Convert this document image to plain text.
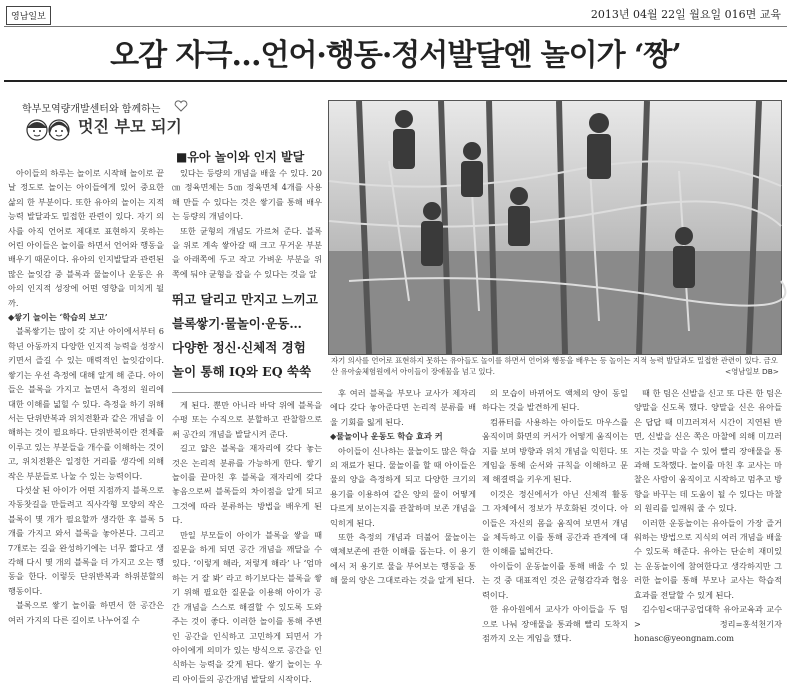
영남일보	2013년 04월 22일 월요일 016면 교육
오감 자극…언어·행동·정서발달엔 놀이가 ‘짱’
학부모역량개발센터와 함께하는
멋진 부모 되기
■유아 놀이와 인지 발달

아이들의 하루는 놀이로 시작해 놀이로 끝날 정도로 놀이는 아이들에게 있어 중요한 삶의 한 부분이다. 또한 유아의 놀이는 지적 능력 발달과도 밀접한 관련이 있다. 자기 의사를 아직 언어로 제대로 표현하지 못하는 어린 아이들은 놀이를 하면서 언어와 행동을 배우기 때문이다. 유아의 인지발달과 관련된 많은 놀잇감 중 블록과 물놀이나 운동은 유아의 인지적 성장에 어떤 영향을 미치게 될까.

◆쌓기 놀이는 ‘학습의 보고’

블록쌓기는 많이 갖 지난 아이에서부터 6학년 아동까지 다양한 인지적 능력을 성장시키면서 즐길 수 있는 매력적인 놀잇감이다. 쌓기는 우선 측정에 대해 알게 해 준다. 아이들은 블록을 가지고 놀면서 측정의 원리에 대한 이해를 넓힐 수 있다. 측정을 하기 위해서는 단위반복과 위치전환과 같은 개념을 이해하는 것이 필요하다. 단위반복이란 전체를 이루고 있는 부분들을 개수를 이해하는 것이고, 위치전환은 일정한 거리를 생각에 의해 작은 부분들로 나눌 수 있는 능력이다.

다섯살 된 아이가 어떤 지점까지 블록으로 자동찻길을 만들려고 직사각형 모양의 작은 블록이 몇 개가 필요할까 생각한 후 블록 5개를 가지고 와서 블록을 놓아본다. 그리고 7개로는 길을 완성하기에는 너무 짧다고 생각해 다시 몇 개의 블록을 더 가지고 오는 행동을 한다. 이렇듯 단위반복과 하위분할의 행동이다.

블록으로 쌓기 놀이를 하면서 한 공간은 여러 가지의 다른 길이로 나누어질 수

있다는 등량의 개념을 배울 수 있다. 20㎝ 정육면체는 5㎝ 정육면체 4개를 사용해 만들 수 있다는 것은 쌓기를 통해 배우는 등량의 개념이다.

또한 균형의 개념도 가르쳐 준다. 블록을 위로 계속 쌓아갈 때 크고 무거운 부분을 아래쪽에 두고 작고 가벼운 부분을 위쪽에 둬야 균형을 잡을 수 있다는 것을 알

뛰고 달리고 만지고 느끼고
블록쌓기·물놀이·운동…
다양한 정신·신체적 경험
놀이 통해 IQ와 EQ 쑥쑥

게 된다. 뿐만 아니라 바닥 위에 블록을 수평 또는 수직으로 분할하고 관찰함으로써 공간의 개념을 발달시켜 준다.

길고 얇은 블록을 재자리에 갖다 놓는 것은 논리적 분류를 가능하게 한다. 쌓기 놀이를 끝마친 후 블록을 재자리에 갖다 놓음으로써 블록들의 차이점을 알게 되고 그것에 따라 분류하는 방법을 배우게 된다.

만일 부모들이 아이가 블록을 쌓을 때 질문을 하게 되면 공간 개념을 깨달을 수 있다. ‘이렇게 해라, 저렇게 해라’ 나 ‘엄마 하는 거 잘 봐’ 라고 하기보다는 블록을 쌓기 위해 필요한 질문을 이용해 아이가 공간 개념을 스스로 해결할 수 있도록 도와 주는 것이 좋다. 이러한 놀이를 통해 주변 인 공간을 인식하고 고민하게 되면서 가 아이에게 의미가 있는 방식으로 공간을 인식하는 능력을 갖게 된다. 쌓기 놀이는 우리 아이들의 공간개념 발달의 시작이다.

자기 의사를 언어로 표현하지 못하는 유아들도 놀이를 하면서 언어와 행동을 배우는 등 놀이는 지적 능력 발달과도 밀접한 관련이 있다. 금오산 유아숲체험원에서 아이들이 장애물을 넘고 있다.	<영남일보 DB>

후 여러 블록을 부모나 교사가 제자리에다 갖다 놓아준다면 논리적 분류를 배울 기회를 잃게 된다.

◆물놀이나 운동도 학습 효과 커

아이들이 신나하는 물놀이도 많은 학습의 재료가 된다. 물놀이를 할 때 아이들은 물의 양을 측정하게 되고 다양한 크기의 용기를 이용하여 같은 양의 물이 어떻게 다르게 보이는지를 관찰하며 보존 개념을 익히게 된다.

또한 측정의 개념과 더불어 물놀이는 액체보존에 관한 이해를 돕는다. 이 용기에서 저 용기로 물을 부어보는 행동을 통해 물의 양은 그대로라는 것을 알게 된다.

의 모습이 바뀌어도 액체의 양이 동일하다는 것을 발견하게 된다.

컴퓨터를 사용하는 아이들도 마우스를 움직이며 화면의 커서가 어떻게 움직이는지를 보며 방향과 위치 개념을 익힌다. 또 게임을 통해 순서와 규칙을 이해하고 문제 해결력을 키우게 된다.

이것은 정신에서가 아닌 신체적 활동 그 자체에서 정보가 부호화된 것이다. 아이들은 자신의 몸을 움직여 보면서 개념을 체득하고 이를 통해 공간과 관계에 대한 이해를 넓혀간다.

아이들이 운동놀이를 통해 배울 수 있는 것 중 대표적인 것은 균형감각과 협응력이다.

한 유아원에서 교사가 아이들을 두 팀으로 나눠 장애물을 통과해 빨리 도착지점까지 오는 게임을 했다.

때 한 팀은 신발을 신고 또 다른 한 팀은 양말을 신도록 했다. 양말을 신은 유아들은 답답 때 미끄러져서 시간이 지연된 반면, 신발을 신은 쪽은 마찰에 의해 미끄러지는 것을 막을 수 있어 빨리 장애물을 통과해 도착했다. 놀이를 마친 후 교사는 마찰은 사람이 움직이고 시작하고 멈추고 방향을 바꾸는 데 도움이 될 수 있다는 마찰의 원리를 일깨워 줄 수 있다.

이러한 운동놀이는 유아들이 가장 즐거워하는 방법으로 지식의 여러 개념을 배울 수 있도록 해준다. 유아는 단순히 재미있는 운동놀이에 참여한다고 생각하지만 그러한 놀이를 통해 부모나 교사는 학습적 효과를 전달할 수 있게 된다.

김수임<대구공업대학 유아교육과 교수> 정리=홍석천기자 honasc@yeongnam.com
